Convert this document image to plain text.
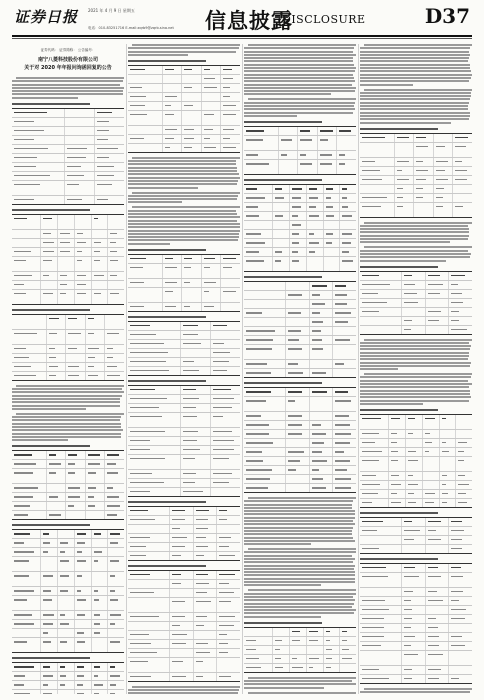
证券日报 2021 年 4 月 9 日 星期五
电话：010-83251716 E-mail:zqrb9@zqrb.sina.net 信息披露
DISCLOSURE	D37
证券代码： 证券简称： 公告编号：
南宁八菱科技股份有限公司
关于对 2020 年年报问询函回复的公告
